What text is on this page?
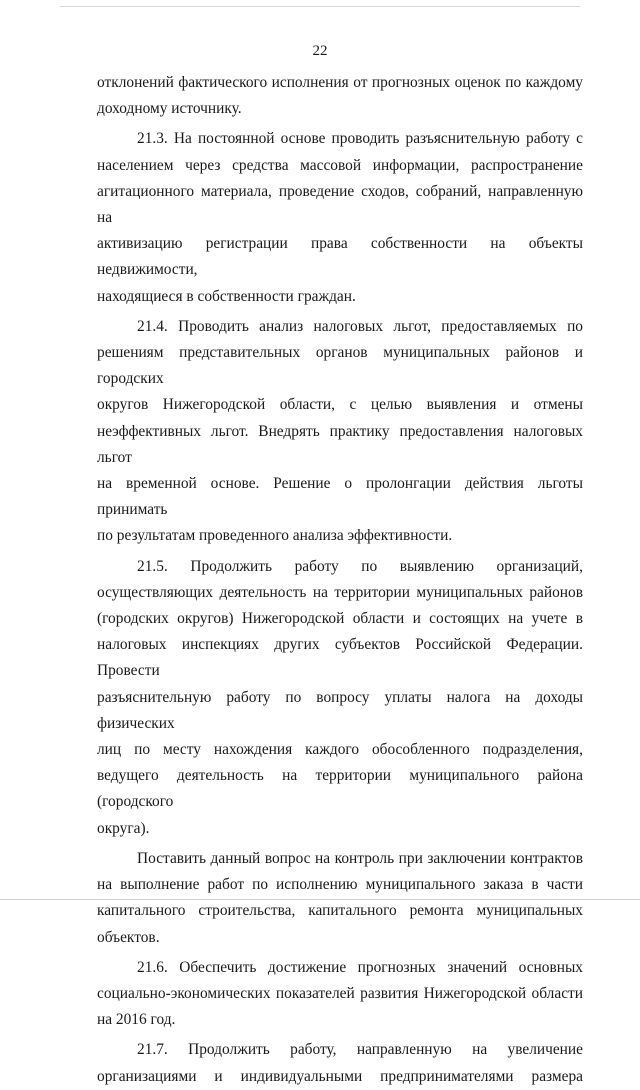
22
отклонений фактического исполнения от прогнозных оценок по каждому
доходному источнику.
21.3. На постоянной основе проводить разъяснительную работу с
населением через средства массовой информации, распространение
агитационного материала, проведение сходов, собраний, направленную на
активизацию регистрации права собственности на объекты недвижимости,
находящиеся в собственности граждан.
21.4. Проводить анализ налоговых льгот, предоставляемых по
решениям представительных органов муниципальных районов и городских
округов Нижегородской области, с целью выявления и отмены
неэффективных льгот. Внедрять практику предоставления налоговых льгот
на временной основе. Решение о пролонгации действия льготы принимать
по результатам проведенного анализа эффективности.
21.5. Продолжить работу по выявлению организаций,
осуществляющих деятельность на территории муниципальных районов
(городских округов) Нижегородской области и состоящих на учете в
налоговых инспекциях других субъектов Российской Федерации. Провести
разъяснительную работу по вопросу уплаты налога на доходы физических
лиц по месту нахождения каждого обособленного подразделения,
ведущего деятельность на территории муниципального района (городского
округа).
Поставить данный вопрос на контроль при заключении контрактов
на выполнение работ по исполнению муниципального заказа в части
капитального строительства, капитального ремонта муниципальных
объектов.
21.6. Обеспечить достижение прогнозных значений основных
социально-экономических показателей развития Нижегородской области
на 2016 год.
21.7. Продолжить работу, направленную на увеличение
организациями и индивидуальными предпринимателями размера
